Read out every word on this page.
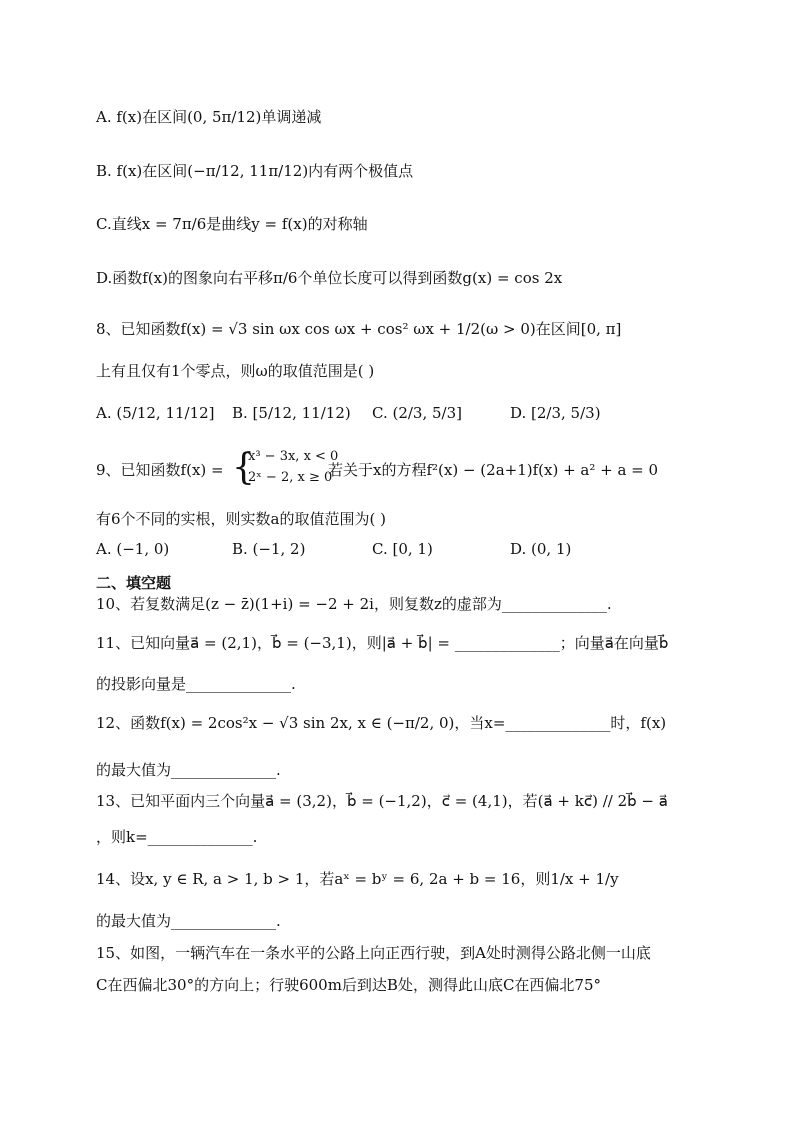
A. f(x)在区间(0, 5π/12)单调递减
B. f(x)在区间(−π/12, 11π/12)内有两个极值点
C.直线x = 7π/6是曲线y = f(x)的对称轴
D.函数f(x)的图象向右平移π/6个单位长度可以得到函数g(x) = cos 2x
8、已知函数f(x) = √3 sin ωx cos ωx + cos² ωx + 1/2(ω > 0)在区间[0, π]
上有且仅有1个零点，则ω的取值范围是( )
A. (5/12, 11/12] B. [5/12, 11/12) C. (2/3, 5/3]	D. [2/3, 5/3)
9、已知函数f(x) = {
x³ − 3x, x < 0
2ˣ − 2, x ≥ 0
若关于x的方程f²(x) − (2a+1)f(x) + a² + a = 0
有6个不同的实根，则实数a的取值范围为( )
A. (−1, 0)	B. (−1, 2)	C. [0, 1)	D. (0, 1)
二、填空题
10、若复数满足(z − z̄)(1+i) = −2 + 2i，则复数z的虚部为______________.
11、已知向量a⃗ = (2,1)，b⃗ = (−3,1)，则|a⃗ + b⃗| = ______________；向量a⃗在向量b⃗
的投影向量是______________.
12、函数f(x) = 2cos²x − √3 sin 2x, x ∈ (−π/2, 0)，当x=______________时，f(x)
的最大值为______________.
13、已知平面内三个向量a⃗ = (3,2)，b⃗ = (−1,2)，c⃗ = (4,1)，若(a⃗ + kc⃗) // 2b⃗ − a⃗
，则k=______________.
14、设x, y ∈ R, a > 1, b > 1，若aˣ = bʸ = 6, 2a + b = 16，则1/x + 1/y
的最大值为______________.
15、如图，一辆汽车在一条水平的公路上向正西行驶，到A处时测得公路北侧一山底
C在西偏北30°的方向上；行驶600m后到达B处，测得此山底C在西偏北75°
